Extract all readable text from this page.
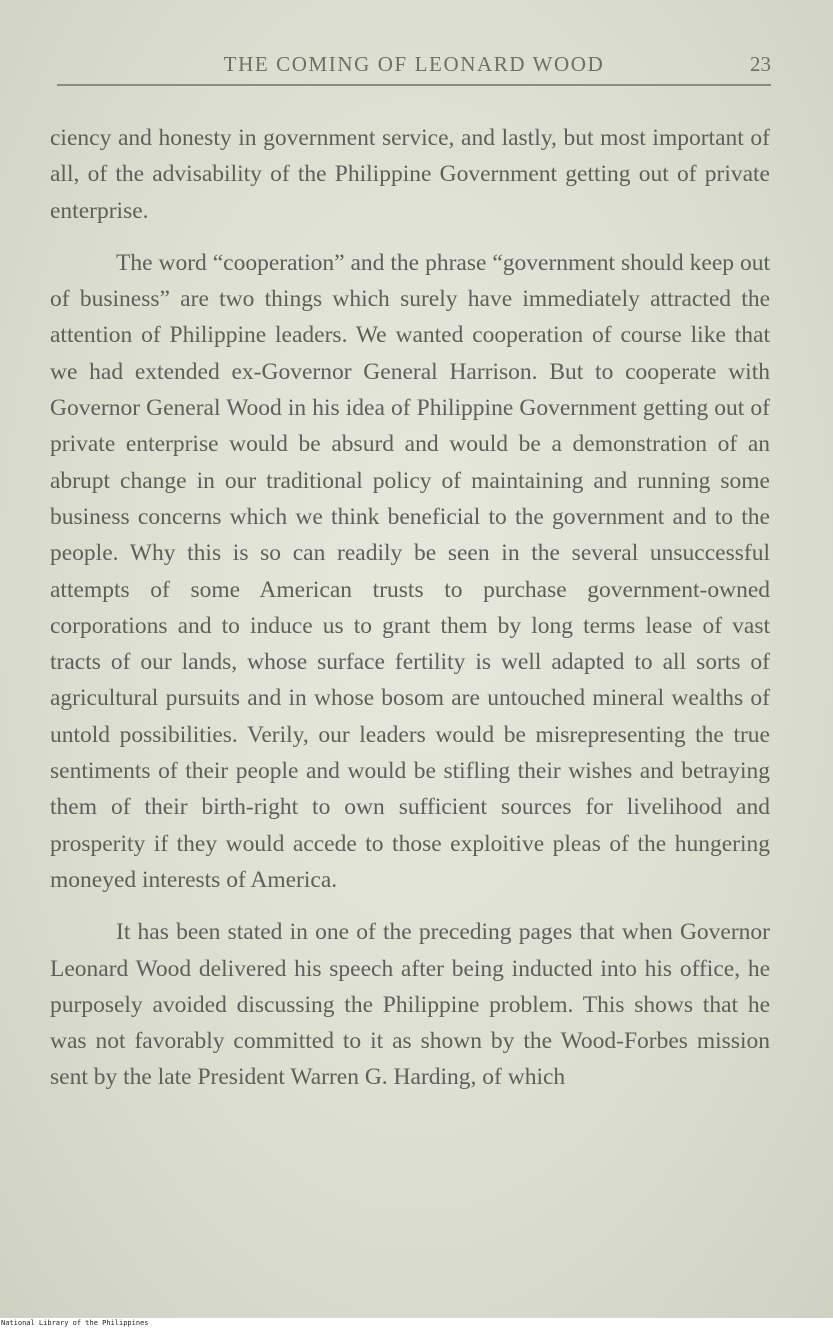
THE COMING OF LEONARD WOOD	23

ciency and honesty in government service, and lastly, but most important of all, of the advisability of the Philippine Government getting out of private enterprise.

The word “cooperation” and the phrase “government should keep out of business” are two things which surely have immediately attracted the attention of Philippine leaders. We wanted cooperation of course like that we had extended ex-Governor General Harrison. But to cooperate with Governor General Wood in his idea of Philippine Government getting out of private enterprise would be absurd and would be a demonstration of an abrupt change in our traditional policy of maintaining and running some business concerns which we think beneficial to the government and to the people. Why this is so can readily be seen in the several unsuccessful attempts of some American trusts to purchase government-owned corporations and to induce us to grant them by long terms lease of vast tracts of our lands, whose surface fertility is well adapted to all sorts of agricultural pursuits and in whose bosom are untouched mineral wealths of untold possibilities. Verily, our leaders would be misrepresenting the true sentiments of their people and would be stifling their wishes and betraying them of their birth-right to own sufficient sources for livelihood and prosperity if they would accede to those exploitive pleas of the hungering moneyed interests of America.

It has been stated in one of the preceding pages that when Governor Leonard Wood delivered his speech after being inducted into his office, he purposely avoided discussing the Philippine problem. This shows that he was not favorably committed to it as shown by the Wood-Forbes mission sent by the late President Warren G. Harding, of which

National Library of the Philippines
